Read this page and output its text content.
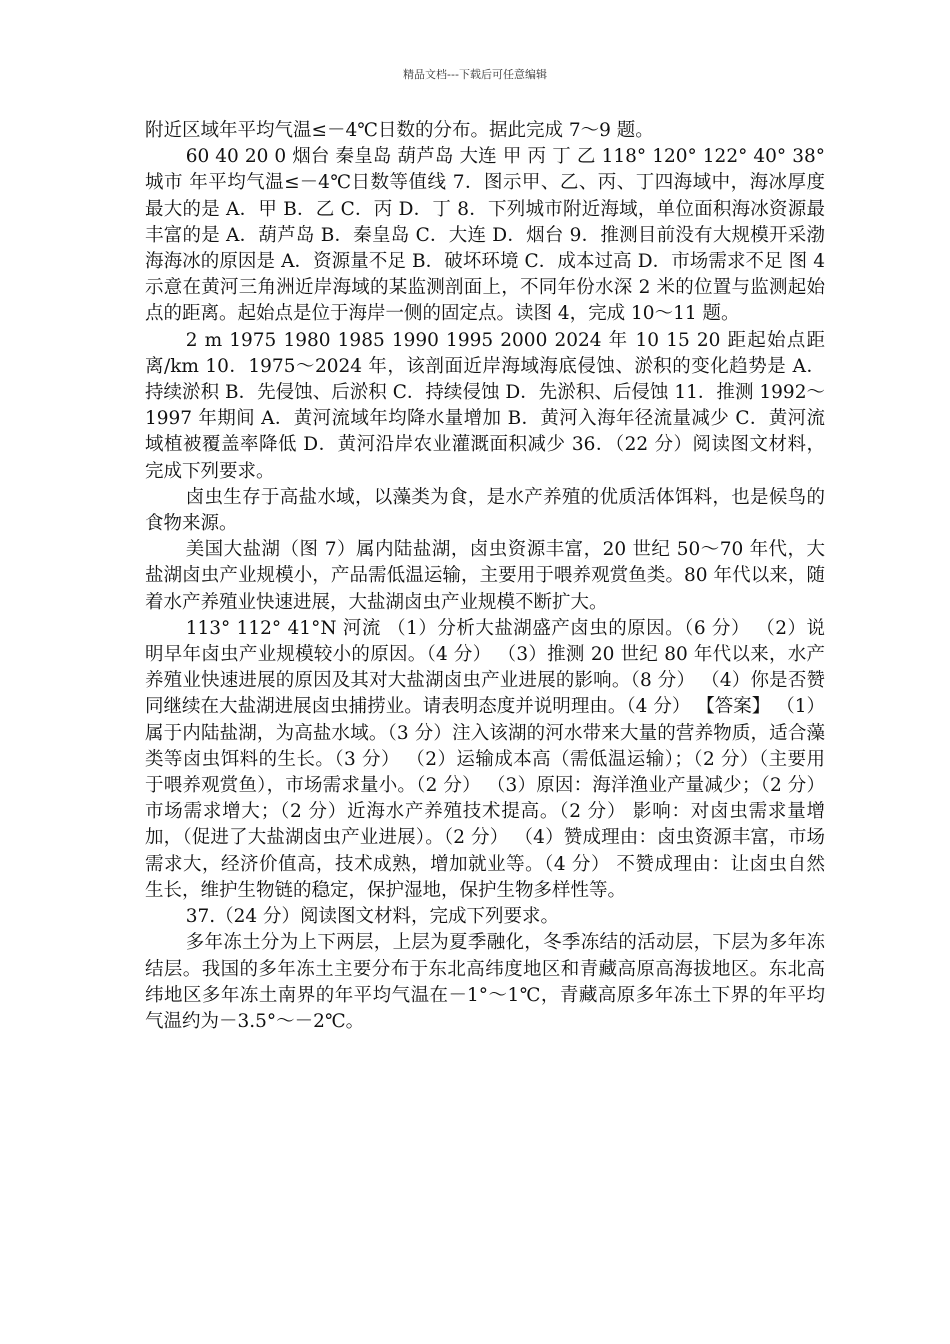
精品文档---下载后可任意编辑

附近区域年平均气温≤－4℃日数的分布。据此完成 7～9 题。

60 40 20 0 烟台 秦皇岛 葫芦岛 大连 甲 丙 丁 乙 118° 120° 122° 40° 38° 城市 年平均气温≤－4℃日数等值线 7．图示甲、乙、丙、丁四海域中，海冰厚度最大的是 A．甲 B．乙 C．丙 D．丁 8．下列城市附近海域，单位面积海冰资源最丰富的是 A．葫芦岛 B．秦皇岛 C．大连 D．烟台 9．推测目前没有大规模开采渤海海冰的原因是 A．资源量不足 B．破坏环境 C．成本过高 D．市场需求不足 图 4 示意在黄河三角洲近岸海域的某监测剖面上，不同年份水深 2 米的位置与监测起始点的距离。起始点是位于海岸一侧的固定点。读图 4，完成 10～11 题。

2 m 1975 1980 1985 1990 1995 2000 2024 年 10 15 20 距起始点距离/km 10．1975～2024 年，该剖面近岸海域海底侵蚀、淤积的变化趋势是 A．持续淤积 B．先侵蚀、后淤积 C．持续侵蚀 D．先淤积、后侵蚀 11．推测 1992～1997 年期间 A．黄河流域年均降水量增加 B．黄河入海年径流量减少 C．黄河流域植被覆盖率降低 D．黄河沿岸农业灌溉面积减少 36．（22 分）阅读图文材料，完成下列要求。

卤虫生存于高盐水域，以藻类为食，是水产养殖的优质活体饵料，也是候鸟的食物来源。

美国大盐湖（图 7）属内陆盐湖，卤虫资源丰富，20 世纪 50～70 年代，大盐湖卤虫产业规模小，产品需低温运输，主要用于喂养观赏鱼类。80 年代以来，随着水产养殖业快速进展，大盐湖卤虫产业规模不断扩大。

113° 112° 41°N 河流 （1）分析大盐湖盛产卤虫的原因。（6 分） （2）说明早年卤虫产业规模较小的原因。（4 分） （3）推测 20 世纪 80 年代以来，水产养殖业快速进展的原因及其对大盐湖卤虫产业进展的影响。（8 分） （4）你是否赞同继续在大盐湖进展卤虫捕捞业。请表明态度并说明理由。（4 分） 【答案】 （1）属于内陆盐湖，为高盐水域。（3 分）注入该湖的河水带来大量的营养物质，适合藻类等卤虫饵料的生长。（3 分） （2）运输成本高（需低温运输）；（2 分）（主要用于喂养观赏鱼），市场需求量小。（2 分） （3）原因：海洋渔业产量减少；（2 分）市场需求增大；（2 分）近海水产养殖技术提高。（2 分） 影响：对卤虫需求量增加，（促进了大盐湖卤虫产业进展）。（2 分） （4）赞成理由：卤虫资源丰富，市场需求大，经济价值高，技术成熟，增加就业等。（4 分） 不赞成理由：让卤虫自然生长，维护生物链的稳定，保护湿地，保护生物多样性等。

37.（24 分）阅读图文材料，完成下列要求。

多年冻土分为上下两层，上层为夏季融化，冬季冻结的活动层，下层为多年冻结层。我国的多年冻土主要分布于东北高纬度地区和青藏高原高海拔地区。东北高纬地区多年冻土南界的年平均气温在－1°～1℃，青藏高原多年冻土下界的年平均气温约为－3.5°～－2℃。
